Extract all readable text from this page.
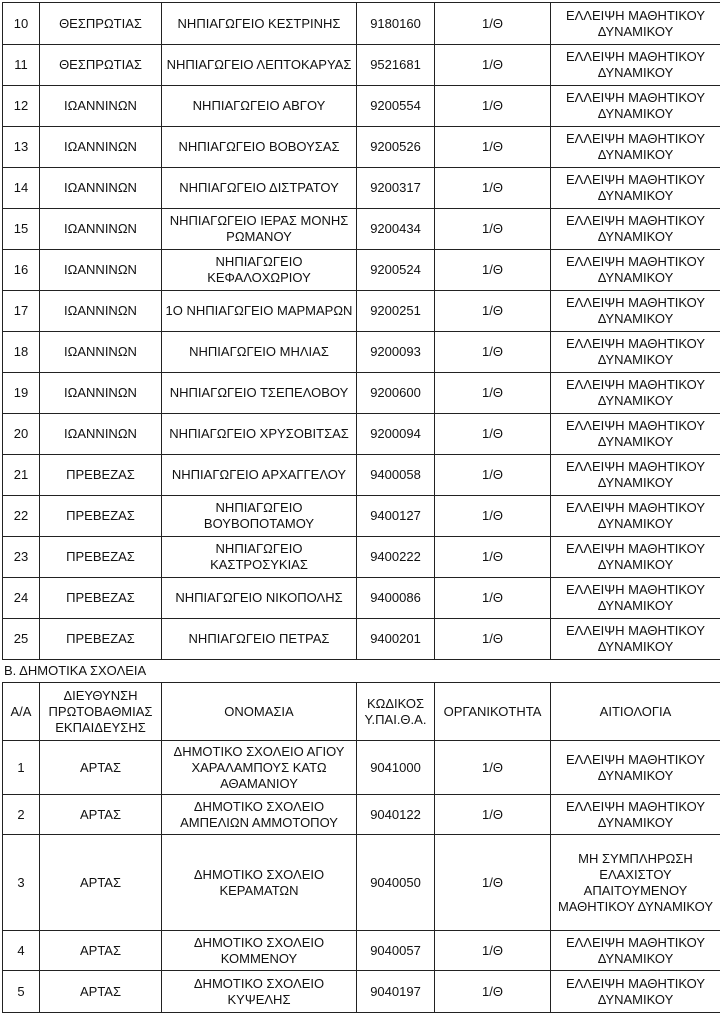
10	ΘΕΣΠΡΩΤΙΑΣ	ΝΗΠΙΑΓΩΓΕΙΟ ΚΕΣΤΡΙΝΗΣ	9180160	1/Θ	ΕΛΛΕΙΨΗ ΜΑΘΗΤΙΚΟΥ ΔΥΝΑΜΙΚΟΥ
11	ΘΕΣΠΡΩΤΙΑΣ	ΝΗΠΙΑΓΩΓΕΙΟ ΛΕΠΤΟΚΑΡΥΑΣ	9521681	1/Θ	ΕΛΛΕΙΨΗ ΜΑΘΗΤΙΚΟΥ ΔΥΝΑΜΙΚΟΥ
12	ΙΩΑΝΝΙΝΩΝ	ΝΗΠΙΑΓΩΓΕΙΟ ΑΒΓΟΥ	9200554	1/Θ	ΕΛΛΕΙΨΗ ΜΑΘΗΤΙΚΟΥ ΔΥΝΑΜΙΚΟΥ
13	ΙΩΑΝΝΙΝΩΝ	ΝΗΠΙΑΓΩΓΕΙΟ ΒΟΒΟΥΣΑΣ	9200526	1/Θ	ΕΛΛΕΙΨΗ ΜΑΘΗΤΙΚΟΥ ΔΥΝΑΜΙΚΟΥ
14	ΙΩΑΝΝΙΝΩΝ	ΝΗΠΙΑΓΩΓΕΙΟ ΔΙΣΤΡΑΤΟΥ	9200317	1/Θ	ΕΛΛΕΙΨΗ ΜΑΘΗΤΙΚΟΥ ΔΥΝΑΜΙΚΟΥ
15	ΙΩΑΝΝΙΝΩΝ	ΝΗΠΙΑΓΩΓΕΙΟ ΙΕΡΑΣ ΜΟΝΗΣ ΡΩΜΑΝΟΥ	9200434	1/Θ	ΕΛΛΕΙΨΗ ΜΑΘΗΤΙΚΟΥ ΔΥΝΑΜΙΚΟΥ
16	ΙΩΑΝΝΙΝΩΝ	ΝΗΠΙΑΓΩΓΕΙΟ ΚΕΦΑΛΟΧΩΡΙΟΥ	9200524	1/Θ	ΕΛΛΕΙΨΗ ΜΑΘΗΤΙΚΟΥ ΔΥΝΑΜΙΚΟΥ
17	ΙΩΑΝΝΙΝΩΝ	1Ο ΝΗΠΙΑΓΩΓΕΙΟ ΜΑΡΜΑΡΩΝ	9200251	1/Θ	ΕΛΛΕΙΨΗ ΜΑΘΗΤΙΚΟΥ ΔΥΝΑΜΙΚΟΥ
18	ΙΩΑΝΝΙΝΩΝ	ΝΗΠΙΑΓΩΓΕΙΟ ΜΗΛΙΑΣ	9200093	1/Θ	ΕΛΛΕΙΨΗ ΜΑΘΗΤΙΚΟΥ ΔΥΝΑΜΙΚΟΥ
19	ΙΩΑΝΝΙΝΩΝ	ΝΗΠΙΑΓΩΓΕΙΟ ΤΣΕΠΕΛΟΒΟΥ	9200600	1/Θ	ΕΛΛΕΙΨΗ ΜΑΘΗΤΙΚΟΥ ΔΥΝΑΜΙΚΟΥ
20	ΙΩΑΝΝΙΝΩΝ	ΝΗΠΙΑΓΩΓΕΙΟ ΧΡΥΣΟΒΙΤΣΑΣ	9200094	1/Θ	ΕΛΛΕΙΨΗ ΜΑΘΗΤΙΚΟΥ ΔΥΝΑΜΙΚΟΥ
21	ΠΡΕΒΕΖΑΣ	ΝΗΠΙΑΓΩΓΕΙΟ ΑΡΧΑΓΓΕΛΟΥ	9400058	1/Θ	ΕΛΛΕΙΨΗ ΜΑΘΗΤΙΚΟΥ ΔΥΝΑΜΙΚΟΥ
22	ΠΡΕΒΕΖΑΣ	ΝΗΠΙΑΓΩΓΕΙΟ ΒΟΥΒΟΠΟΤΑΜΟΥ	9400127	1/Θ	ΕΛΛΕΙΨΗ ΜΑΘΗΤΙΚΟΥ ΔΥΝΑΜΙΚΟΥ
23	ΠΡΕΒΕΖΑΣ	ΝΗΠΙΑΓΩΓΕΙΟ ΚΑΣΤΡΟΣΥΚΙΑΣ	9400222	1/Θ	ΕΛΛΕΙΨΗ ΜΑΘΗΤΙΚΟΥ ΔΥΝΑΜΙΚΟΥ
24	ΠΡΕΒΕΖΑΣ	ΝΗΠΙΑΓΩΓΕΙΟ ΝΙΚΟΠΟΛΗΣ	9400086	1/Θ	ΕΛΛΕΙΨΗ ΜΑΘΗΤΙΚΟΥ ΔΥΝΑΜΙΚΟΥ
25	ΠΡΕΒΕΖΑΣ	ΝΗΠΙΑΓΩΓΕΙΟ ΠΕΤΡΑΣ	9400201	1/Θ	ΕΛΛΕΙΨΗ ΜΑΘΗΤΙΚΟΥ ΔΥΝΑΜΙΚΟΥ
Β. ΔΗΜΟΤΙΚΑ ΣΧΟΛΕΙΑ
Α/Α	ΔΙΕΥΘΥΝΣΗ ΠΡΩΤΟΒΑΘΜΙΑΣ ΕΚΠΑΙΔΕΥΣΗΣ	ΟΝΟΜΑΣΙΑ	ΚΩΔΙΚΟΣ Υ.ΠΑΙ.Θ.Α.	ΟΡΓΑΝΙΚΟΤΗΤΑ	ΑΙΤΙΟΛΟΓΙΑ
1	ΑΡΤΑΣ	ΔΗΜΟΤΙΚΟ ΣΧΟΛΕΙΟ ΑΓΙΟΥ ΧΑΡΑΛΑΜΠΟΥΣ ΚΑΤΩ ΑΘΑΜΑΝΙΟΥ	9041000	1/Θ	ΕΛΛΕΙΨΗ ΜΑΘΗΤΙΚΟΥ ΔΥΝΑΜΙΚΟΥ
2	ΑΡΤΑΣ	ΔΗΜΟΤΙΚΟ ΣΧΟΛΕΙΟ ΑΜΠΕΛΙΩΝ ΑΜΜΟΤΟΠΟΥ	9040122	1/Θ	ΕΛΛΕΙΨΗ ΜΑΘΗΤΙΚΟΥ ΔΥΝΑΜΙΚΟΥ
3	ΑΡΤΑΣ	ΔΗΜΟΤΙΚΟ ΣΧΟΛΕΙΟ ΚΕΡΑΜΑΤΩΝ	9040050	1/Θ	ΜΗ ΣΥΜΠΛΗΡΩΣΗ ΕΛΑΧΙΣΤΟΥ ΑΠΑΙΤΟΥΜΕΝΟΥ ΜΑΘΗΤΙΚΟΥ ΔΥΝΑΜΙΚΟΥ
4	ΑΡΤΑΣ	ΔΗΜΟΤΙΚΟ ΣΧΟΛΕΙΟ ΚΟΜΜΕΝΟΥ	9040057	1/Θ	ΕΛΛΕΙΨΗ ΜΑΘΗΤΙΚΟΥ ΔΥΝΑΜΙΚΟΥ
5	ΑΡΤΑΣ	ΔΗΜΟΤΙΚΟ ΣΧΟΛΕΙΟ ΚΥΨΕΛΗΣ	9040197	1/Θ	ΕΛΛΕΙΨΗ ΜΑΘΗΤΙΚΟΥ ΔΥΝΑΜΙΚΟΥ
